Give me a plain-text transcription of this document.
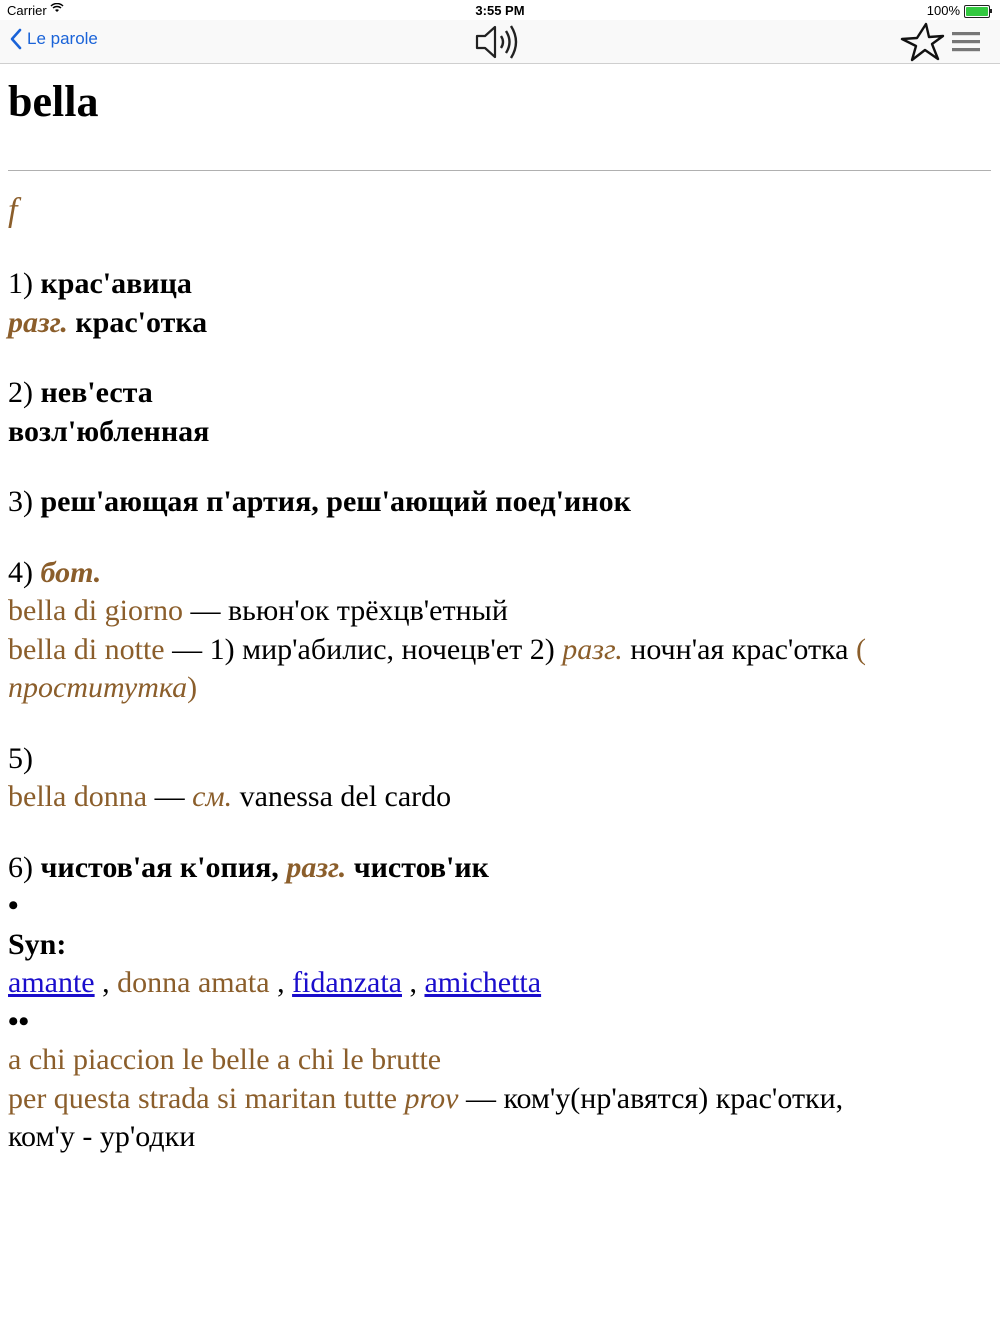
Carrier	3:55 PM	100%
Le parole
bella
f
1) крас'авица
разг. крас'отка
2) нев'еста
возл'юбленная
3) реш'ающая п'артия, реш'ающий поед'инок
4) бот.
bella di giorno — вьюн'ок трёхцв'етный
bella di notte — 1) мир'абилис, ночецв'ет 2) разг. ночн'ая крас'отка (
проститутка)
5)
bella donna — см. vanessa del cardo
6) чистов'ая к'опия, разг. чистов'ик
•
Syn:
amante , donna amata , fidanzata , amichetta
••
a chi piaccion le belle a chi le brutte
per questa strada si maritan tutte prov — ком'у(нр'авятся) крас'отки,
ком'у - ур'одки
